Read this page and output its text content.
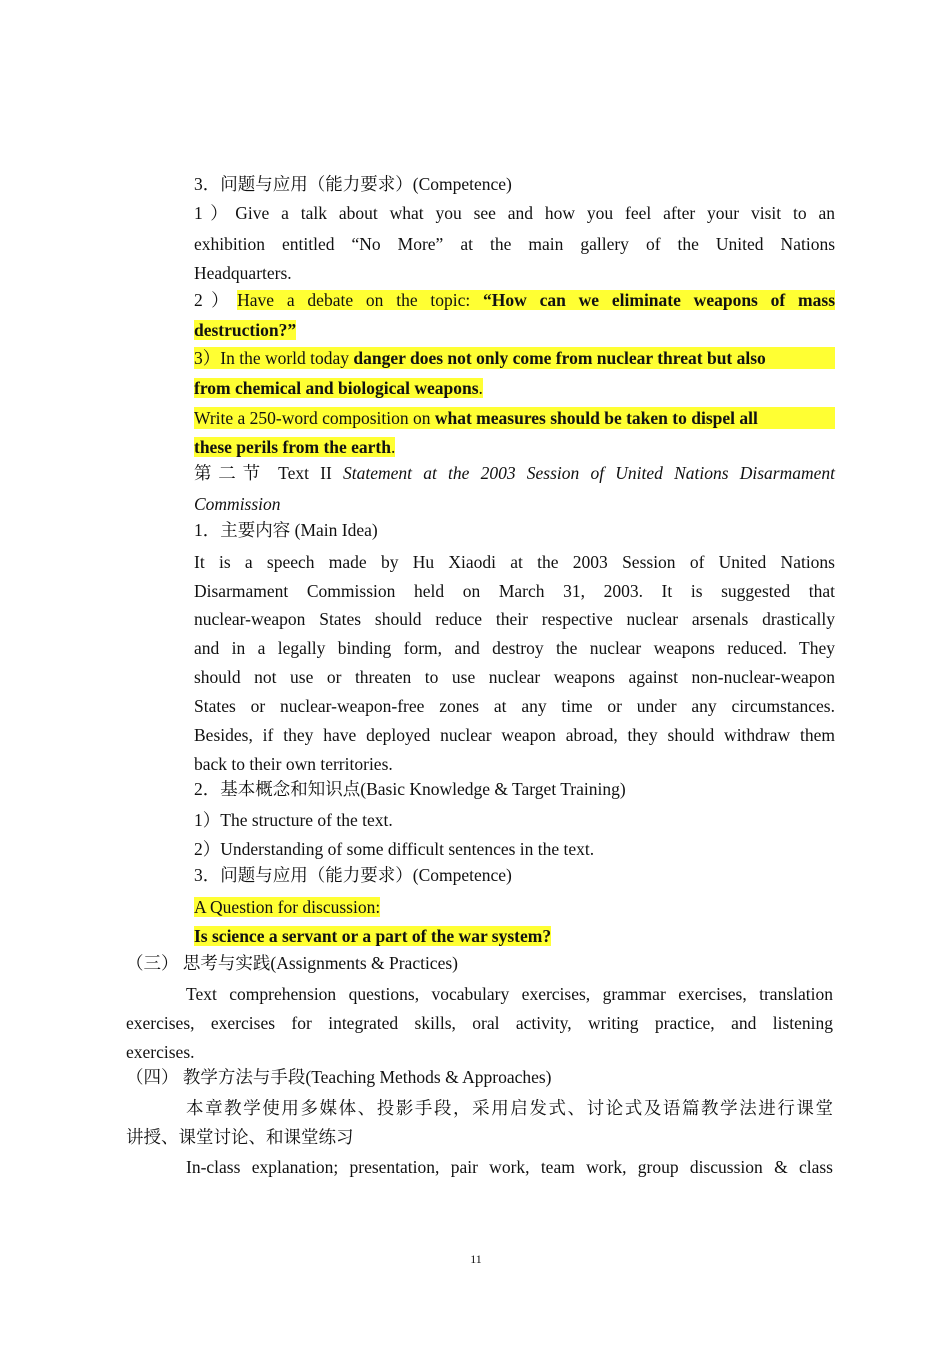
3．问题与应用（能力要求）(Competence)
1）Give a talk about what you see and how you feel after your visit to an
exhibition entitled “No More” at the main gallery of the United Nations
Headquarters.
2）Have a debate on the topic: “How can we eliminate weapons of mass
destruction?”
3）In the world today danger does not only come from nuclear threat but also
from chemical and biological weapons.
Write a 250-word composition on what measures should be taken to dispel all
these perils from the earth.
第二节 Text II Statement at the 2003 Session of United Nations Disarmament
Commission
1．主要内容 (Main Idea)
It is a speech made by Hu Xiaodi at the 2003 Session of United Nations
Disarmament Commission held on March 31, 2003. It is suggested that
nuclear-weapon States should reduce their respective nuclear arsenals drastically
and in a legally binding form, and destroy the nuclear weapons reduced. They
should not use or threaten to use nuclear weapons against non-nuclear-weapon
States or nuclear-weapon-free zones at any time or under any circumstances.
Besides, if they have deployed nuclear weapon abroad, they should withdraw them
back to their own territories.
2．基本概念和知识点(Basic Knowledge & Target Training)
1）The structure of the text.
2）Understanding of some difficult sentences in the text.
3．问题与应用（能力要求）(Competence)
A Question for discussion:
Is science a servant or a part of the war system?
（三） 思考与实践(Assignments & Practices)
Text comprehension questions, vocabulary exercises, grammar exercises, translation
exercises, exercises for integrated skills, oral activity, writing practice, and listening
exercises.
（四） 教学方法与手段(Teaching Methods & Approaches)
本章教学使用多媒体、投影手段，采用启发式、讨论式及语篇教学法进行课堂
讲授、课堂讨论、和课堂练习
In-class explanation; presentation, pair work, team work, group discussion & class
11
